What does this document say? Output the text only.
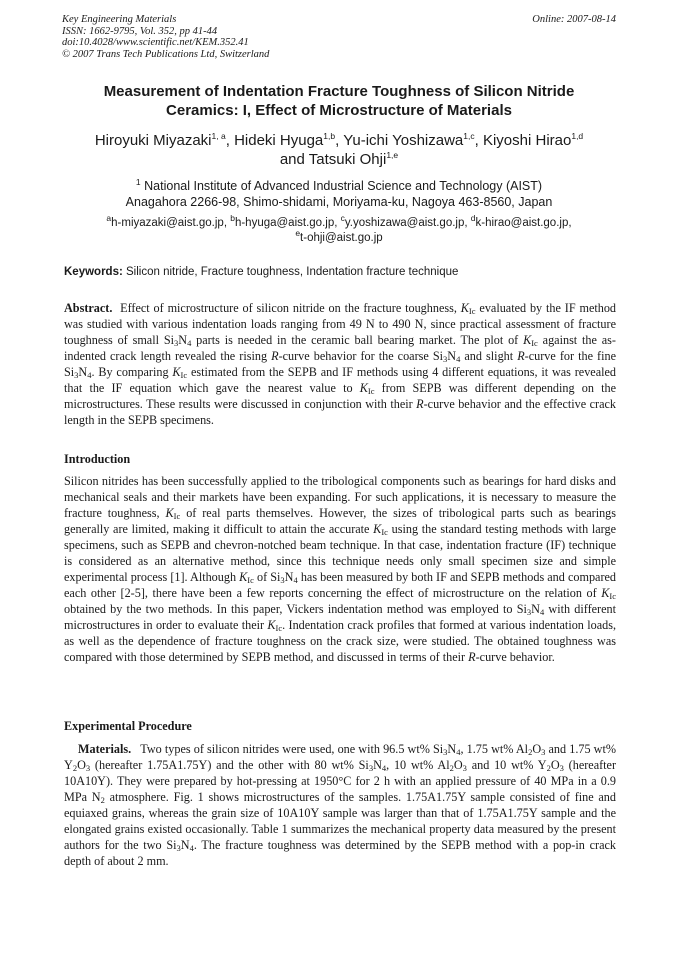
Key Engineering Materials
ISSN: 1662-9795, Vol. 352, pp 41-44
doi:10.4028/www.scientific.net/KEM.352.41
© 2007 Trans Tech Publications Ltd, Switzerland
Online: 2007-08-14
Measurement of Indentation Fracture Toughness of Silicon Nitride
Ceramics: I, Effect of Microstructure of Materials
Hiroyuki Miyazaki$^{1, a}$, Hideki Hyuga$^{1,b}$, Yu-ichi Yoshizawa$^{1,c}$, Kiyoshi Hirao$^{1,d}$
and Tatsuki Ohji$^{1,e}$
$^1$ National Institute of Advanced Industrial Science and Technology (AIST)
Anagahora 2266-98, Shimo-shidami, Moriyama-ku, Nagoya 463-8560, Japan
$^a$h-miyazaki@aist.go.jp, $^b$h-hyuga@aist.go.jp, $^c$y.yoshizawa@aist.go.jp, $^d$k-hirao@aist.go.jp,
$^e$t-ohji@aist.go.jp
Keywords: Silicon nitride, Fracture toughness, Indentation fracture technique
Abstract. Effect of microstructure of silicon nitride on the fracture toughness, $K_{Ic}$ evaluated by the IF method was studied with various indentation loads ranging from 49 N to 490 N, since practical assessment of fracture toughness of small $Si_3N_4$ parts is needed in the ceramic ball bearing market. The plot of $K_{Ic}$ against the as-indented crack length revealed the rising R-curve behavior for the coarse $Si_3N_4$ and slight R-curve for the fine $Si_3N_4$. By comparing $K_{Ic}$ estimated from the SEPB and IF methods using 4 different equations, it was revealed that the IF equation which gave the nearest value to $K_{Ic}$ from SEPB was different depending on the microstructures. These results were discussed in conjunction with their R-curve behavior and the effective crack length in the SEPB specimens.
Introduction
Silicon nitrides has been successfully applied to the tribological components such as bearings for hard disks and mechanical seals and their markets have been expanding. For such applications, it is necessary to measure the fracture toughness, $K_{Ic}$ of real parts themselves. However, the sizes of tribological parts such as bearings generally are limited, making it difficult to attain the accurate $K_{Ic}$ using the standard testing methods with large specimens, such as SEPB and chevron-notched beam technique. In that case, indentation fracture (IF) technique is considered as an alternative method, since this technique needs only small specimen size and simple experimental process [1]. Although $K_{Ic}$ of $Si_3N_4$ has been measured by both IF and SEPB methods and compared each other [2-5], there have been a few reports concerning the effect of microstructure on the relation of $K_{Ic}$ obtained by the two methods. In this paper, Vickers indentation method was employed to $Si_3N_4$ with different microstructures in order to evaluate their $K_{Ic}$. Indentation crack profiles that formed at various indentation loads, as well as the dependence of fracture toughness on the crack size, were studied. The obtained toughness was compared with those determined by SEPB method, and discussed in terms of their R-curve behavior.
Experimental Procedure
Materials. Two types of silicon nitrides were used, one with 96.5 wt% $Si_3N_4$, 1.75 wt% $Al_2O_3$ and 1.75 wt% $Y_2O_3$ (hereafter 1.75A1.75Y) and the other with 80 wt% $Si_3N_4$, 10 wt% $Al_2O_3$ and 10 wt% $Y_2O_3$ (hereafter 10A10Y). They were prepared by hot-pressing at 1950°C for 2 h with an applied pressure of 40 MPa in a 0.9 MPa $N_2$ atmosphere. Fig. 1 shows microstructures of the samples. 1.75A1.75Y sample consisted of fine and equiaxed grains, whereas the grain size of 10A10Y sample was larger than that of 1.75A1.75Y sample and the elongated grains existed occasionally. Table 1 summarizes the mechanical property data measured by the present authors for the two $Si_3N_4$. The fracture toughness was determined by the SEPB method with a pop-in crack depth of about 2 mm.
